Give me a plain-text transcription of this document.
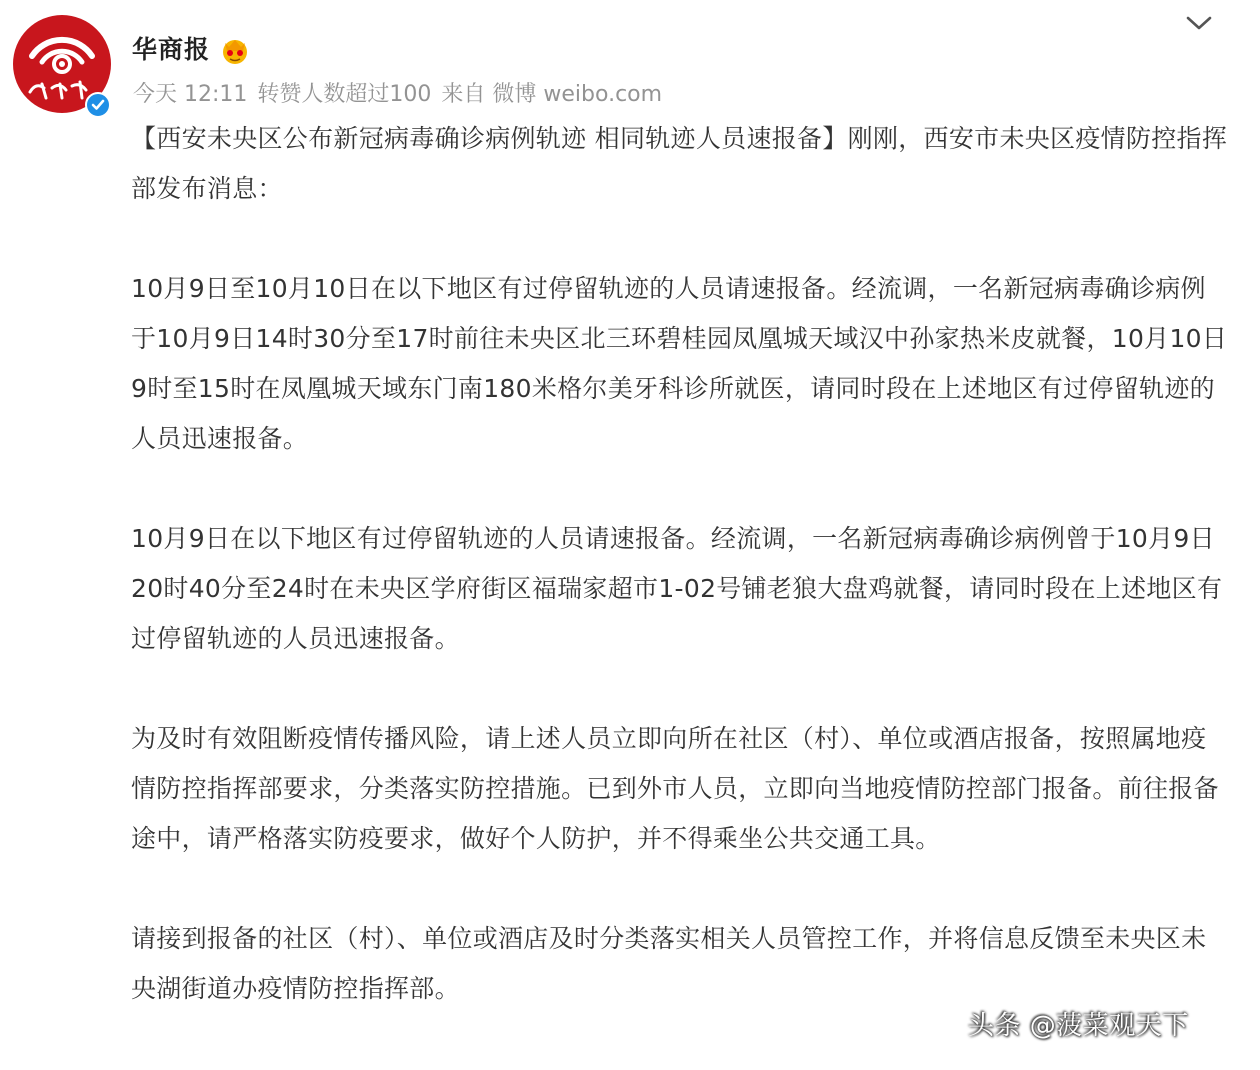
华商报
今天 12:11 转赞人数超过100 来自 微博 weibo.com

【西安未央区公布新冠病毒确诊病例轨迹 相同轨迹人员速报备】刚刚，西安市未央区疫情防控指挥部发布消息：

10月9日至10月10日在以下地区有过停留轨迹的人员请速报备。经流调，一名新冠病毒确诊病例于10月9日14时30分至17时前往未央区北三环碧桂园凤凰城天域汉中孙家热米皮就餐，10月10日9时至15时在凤凰城天域东门南180米格尔美牙科诊所就医，请同时段在上述地区有过停留轨迹的人员迅速报备。

10月9日在以下地区有过停留轨迹的人员请速报备。经流调，一名新冠病毒确诊病例曾于10月9日20时40分至24时在未央区学府街区福瑞家超市1-02号铺老狼大盘鸡就餐，请同时段在上述地区有过停留轨迹的人员迅速报备。

为及时有效阻断疫情传播风险，请上述人员立即向所在社区（村）、单位或酒店报备，按照属地疫情防控指挥部要求，分类落实防控措施。已到外市人员，立即向当地疫情防控部门报备。前往报备途中，请严格落实防疫要求，做好个人防护，并不得乘坐公共交通工具。

请接到报备的社区（村）、单位或酒店及时分类落实相关人员管控工作，并将信息反馈至未央区未央湖街道办疫情防控指挥部。

头条 @菠菜观天下
